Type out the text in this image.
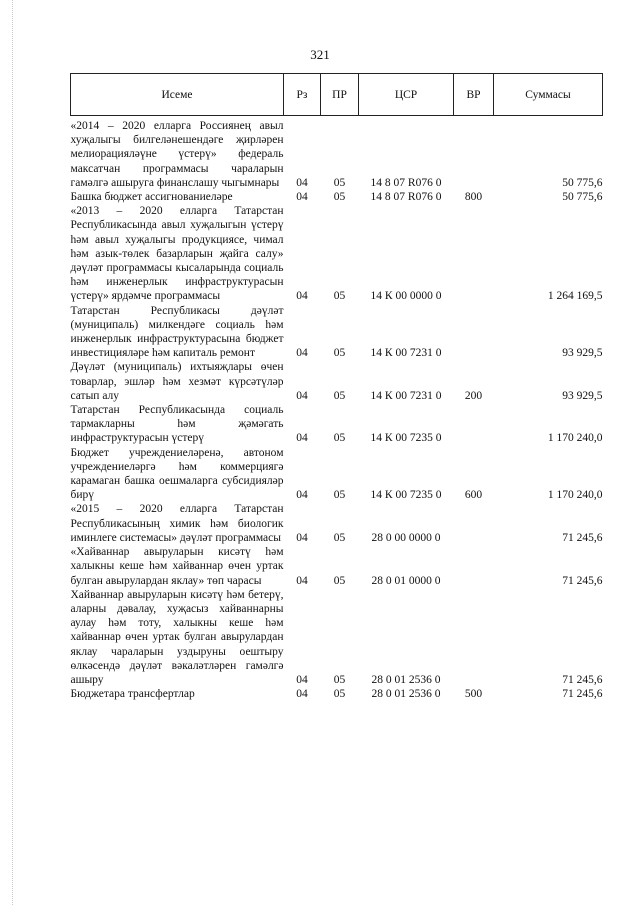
321
Исеме	Рз	ПР	ЦСР	ВР	Суммасы
«2014 – 2020 елларга Россиянең авыл хуҗалыгы билгеләнешендәге җирләрен мелиорацияләүне үстерү» федераль максатчан программасы чараларын гамәлгә ашыруга финанслашу чыгымнары	04	05	14 8 07 R076 0		50 775,6
Башка бюджет ассигнованиеләре	04	05	14 8 07 R076 0	800	50 775,6
«2013 – 2020 елларга Татарстан Республикасында авыл хуҗалыгын үстерү һәм авыл хуҗалыгы продукциясе, чимал һәм азык-төлек базарларын җайга салу» дәүләт программасы кысаларында социаль һәм инженерлык инфраструктурасын үстерү» ярдәмче программасы	04	05	14 К 00 0000 0		1 264 169,5
Татарстан Республикасы дәүләт (муниципаль) милкендәге социаль һәм инженерлык инфраструктурасына бюджет инвестицияләре һәм капиталь ремонт	04	05	14 К 00 7231 0		93 929,5
Дәүләт (муниципаль) ихтыяҗлары өчен товарлар, эшләр һәм хезмәт күрсәтүләр сатып алу	04	05	14 К 00 7231 0	200	93 929,5
Татарстан Республикасында социаль тармакларны һәм җәмәгать инфраструктурасын үстерү	04	05	14 К 00 7235 0		1 170 240,0
Бюджет учреждениеләренә, автоном учреждениеләргә һәм коммерциягә карамаган башка оешмаларга субсидияләр бирү	04	05	14 К 00 7235 0	600	1 170 240,0
«2015 – 2020 елларга Татарстан Республикасының химик һәм биологик иминлеге системасы» дәүләт программасы	04	05	28 0 00 0000 0		71 245,6
«Хайваннар авыруларын кисәтү һәм халыкны кеше һәм хайваннар өчен уртак булган авырулардан яклау» төп чарасы	04	05	28 0 01 0000 0		71 245,6
Хайваннар авыруларын кисәтү һәм бетерү, аларны дәвалау, хуҗасыз хайваннарны аулау һәм тоту, халыкны кеше һәм хайваннар өчен уртак булган авырулардан яклау чараларын уздыруны оештыру өлкәсендә дәүләт вәкаләтләрен гамәлгә ашыру	04	05	28 0 01 2536 0		71 245,6
Бюджетара трансфертлар	04	05	28 0 01 2536 0	500	71 245,6
